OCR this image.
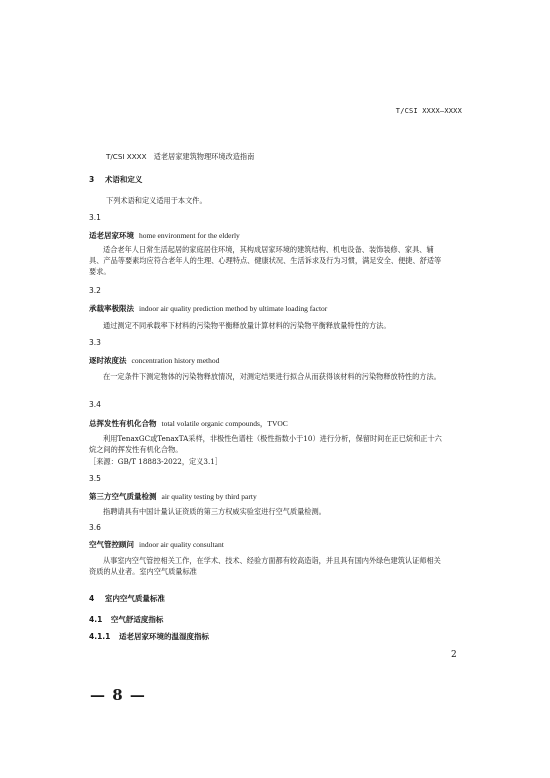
T/CSI XXXX—XXXX
T/CSI XXXX　适老居家建筑物理环境改造指南
3 术语和定义
下列术语和定义适用于本文件。
3.1
适老居家环境 home environment for the elderly
适合老年人日常生活起居的家庭居住环境，其构成居家环境的建筑结构、机电设备、装饰装修、家具、辅具、产品等要素均应符合老年人的生理、心理特点、健康状况、生活诉求及行为习惯，满足安全、便捷、舒适等要求。
3.2
承载率极限法 indoor air quality prediction method by ultimate loading factor
通过测定不同承载率下材料的污染物平衡释放量计算材料的污染物平衡释放量特性的方法。
3.3
逐时浓度法 concentration history method
在一定条件下测定物体的污染物释放情况，对测定结果进行拟合从而获得该材料的污染物释放特性的方法。
3.4
总挥发性有机化合物 total volatile organic compounds，TVOC
利用TenaxGC或TenaxTA采样，非极性色谱柱（极性指数小于10）进行分析，保留时间在正已烷和正十六烷之间的挥发性有机化合物。
［来源：GB/T 18883-2022，定义3.1］
3.5
第三方空气质量检测 air quality testing by third party
指聘请具有中国计量认证资质的第三方权威实验室进行空气质量检测。
3.6
空气管控顾问 indoor air quality consultant
从事室内空气管控相关工作，在学术、技术、经验方面都有较高造诣，并且具有国内外绿色建筑认证师相关资质的从业者。室内空气质量标准
4 室内空气质量标准
4.1 空气舒适度指标
4.1.1 适老居家环境的温湿度指标
2
— 8 —
